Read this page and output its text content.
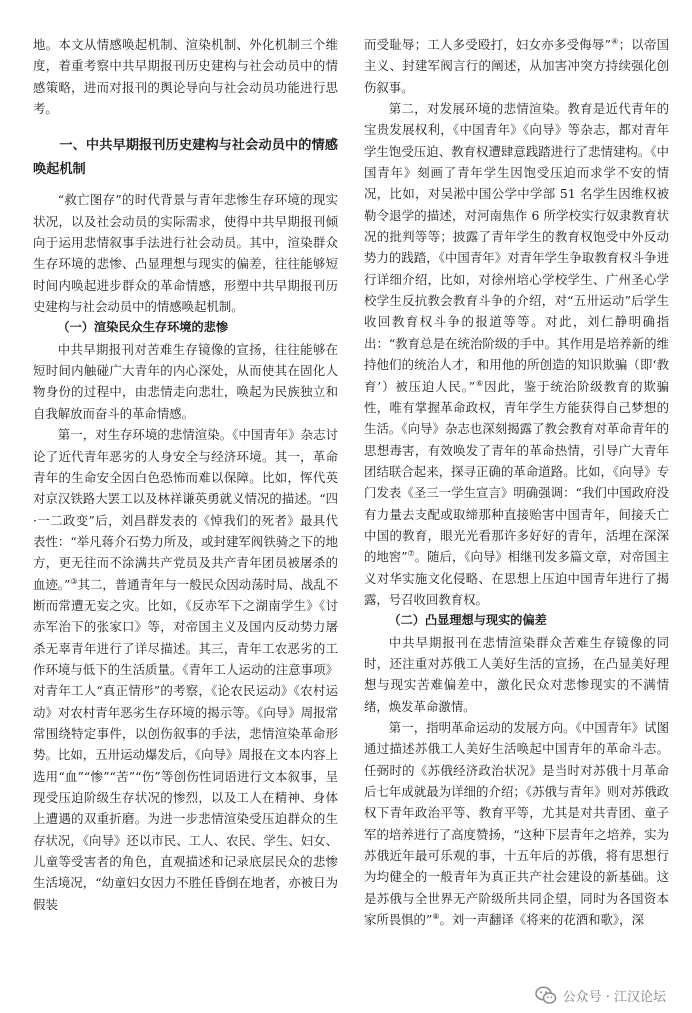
地。本文从情感唤起机制、渲染机制、外化机制三个维度，着重考察中共早期报刊历史建构与社会动员中的情感策略，进而对报刊的舆论导向与社会动员功能进行思考。

一、中共早期报刊历史建构与社会动员中的情感唤起机制

“救亡图存”的时代背景与青年悲惨生存环境的现实状况，以及社会动员的实际需求，使得中共早期报刊倾向于运用悲情叙事手法进行社会动员。其中，渲染群众生存环境的悲惨、凸显理想与现实的偏差，往往能够短时间内唤起进步群众的革命情感，形塑中共早期报刊历史建构与社会动员中的情感唤起机制。

（一）渲染民众生存环境的悲惨

中共早期报刊对苦难生存镜像的宣扬，往往能够在短时间内触碰广大青年的内心深处，从而使其在固化人物身份的过程中，由悲情走向悲壮，唤起为民族独立和自我解放而奋斗的革命情感。

第一，对生存环境的悲情渲染。《中国青年》杂志讨论了近代青年恶劣的人身安全与经济环境。其一，革命青年的生命安全因白色恐怖而难以保障。比如，恽代英对京汉铁路大罢工以及林祥谦英勇就义情况的描述。“四·一二政变”后，刘昌群发表的《悼我们的死者》最具代表性：“举凡蒋介石势力所及，或封建军阀铁骑之下的地方，更无往而不涂满共产党员及共产青年团员被屠杀的血迹。”③其二，普通青年与一般民众因动荡时局、战乱不断而常遭无妄之灾。比如，《反赤军下之湖南学生》《讨赤军治下的张家口》等，对帝国主义及国内反动势力屠杀无辜青年进行了详尽描述。其三，青年工农恶劣的工作环境与低下的生活质量。《青年工人运动的注意事项》对青年工人“真正情形”的考察，《论农民运动》《农村运动》对农村青年恶劣生存环境的揭示等。《向导》周报常常围绕特定事件，以创伤叙事的手法，悲情渲染革命形势。比如，五卅运动爆发后，《向导》周报在文本内容上选用“血”“惨”“苦”“伤”等创伤性词语进行文本叙事，呈现受压迫阶级生存状况的惨烈，以及工人在精神、身体上遭遇的双重折磨。为进一步悲情渲染受压迫群众的生存状况，《向导》还以市民、工人、农民、学生、妇女、儿童等受害者的角色，直观描述和记录底层民众的悲惨生活境况，“幼童妇女因力不胜任昏倒在地者，亦被日为假装

而受耻辱；工人多受殴打，妇女亦多受侮辱”④；以帝国主义、封建军阀言行的阐述，从加害冲突方持续强化创伤叙事。

第二，对发展环境的悲情渲染。教育是近代青年的宝贵发展权利，《中国青年》《向导》等杂志，都对青年学生饱受压迫、教育权遭肆意践踏进行了悲情建构。《中国青年》刻画了青年学生因饱受压迫而求学不安的情况，比如，对吴淞中国公学中学部 51 名学生因维权被勒令退学的描述，对河南焦作 6 所学校实行奴隶教育状况的批判等等；披露了青年学生的教育权饱受中外反动势力的践踏，《中国青年》对青年学生争取教育权斗争进行详细介绍，比如，对徐州培心学校学生、广州圣心学校学生反抗教会教育斗争的介绍，对“五卅运动”后学生收回教育权斗争的报道等等。对此，刘仁静明确指出：“教育总是在统治阶级的手中。其作用是培养新的维持他们的统治人才，和用他的所创造的知识欺骗（即‘教育’）被压迫人民。”⑥因此，鉴于统治阶级教育的欺骗性，唯有掌握革命政权，青年学生方能获得自己梦想的生活。《向导》杂志也深刻揭露了教会教育对革命青年的思想毒害，有效唤发了青年的革命热情，引导广大青年团结联合起来，探寻正确的革命道路。比如，《向导》专门发表《圣三一学生宣言》明确强调：“我们中国政府没有力量去支配或取缔那种直接贻害中国青年，间接夭亡中国的教育，眼光光看那许多好好的青年，活埋在深深的地窖”⑦。随后，《向导》相继刊发多篇文章，对帝国主义对华实施文化侵略、在思想上压迫中国青年进行了揭露，号召收回教育权。

（二）凸显理想与现实的偏差

中共早期报刊在悲情渲染群众苦难生存镜像的同时，还注重对苏俄工人美好生活的宣扬，在凸显美好理想与现实苦难偏差中，激化民众对悲惨现实的不满情绪，焕发革命激情。

第一，指明革命运动的发展方向。《中国青年》试图通过描述苏俄工人美好生活唤起中国青年的革命斗志。任弼时的《苏俄经济政治状况》是当时对苏俄十月革命后七年成就最为详细的介绍；《苏俄与青年》则对苏俄政权下青年政治平等、教育平等，尤其是对共青团、童子军的培养进行了高度赞扬，“这种下层青年之培养，实为苏俄近年最可乐观的事，十五年后的苏俄，将有思想行为均健全的一般青年为真正共产社会建设的新基础。这是苏俄与全世界无产阶级所共同企望，同时为各国资本家所畏惧的”⑧。刘一声翻译《将来的花酒和歌》，深

公众号 · 江汉论坛
